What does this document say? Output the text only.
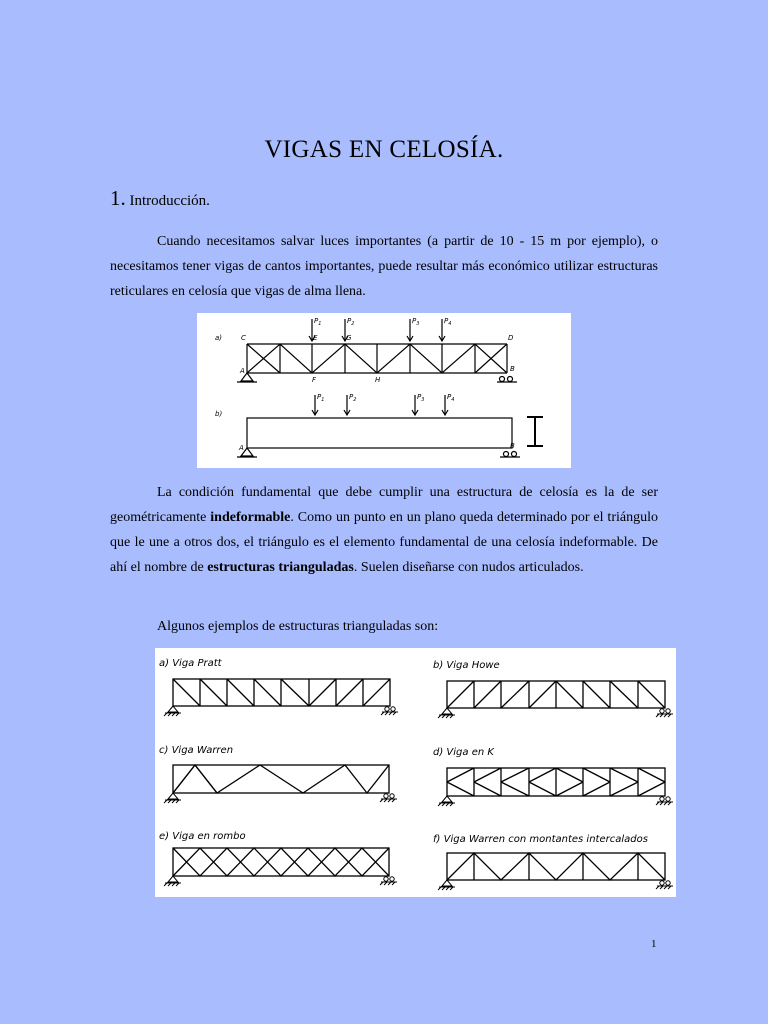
VIGAS EN CELOSÍA.
1. Introducción.

Cuando necesitamos salvar luces importantes (a partir de 10 - 15 m por ejemplo), o necesitamos tener vigas de cantos importantes, puede resultar más económico utilizar estructuras reticulares en celosía que vigas de alma llena.

a)
b)
C	D
E	G
A	B
F	H
A	B
$P_1$	$P_2$	$P_3$	$P_4$
$P_1$	$P_2$	$P_3$	$P_4$

La condición fundamental que debe cumplir una estructura de celosía es la de ser geométricamente indeformable. Como un punto en un plano queda determinado por el triángulo que le une a otros dos, el triángulo es el elemento fundamental de una celosía indeformable. De ahí el nombre de estructuras trianguladas. Suelen diseñarse con nudos articulados.

Algunos ejemplos de estructuras trianguladas son:

a) Viga Pratt	b) Viga Howe
c) Viga Warren	d) Viga en K
e) Viga en rombo	f) Viga Warren con montantes intercalados
1
